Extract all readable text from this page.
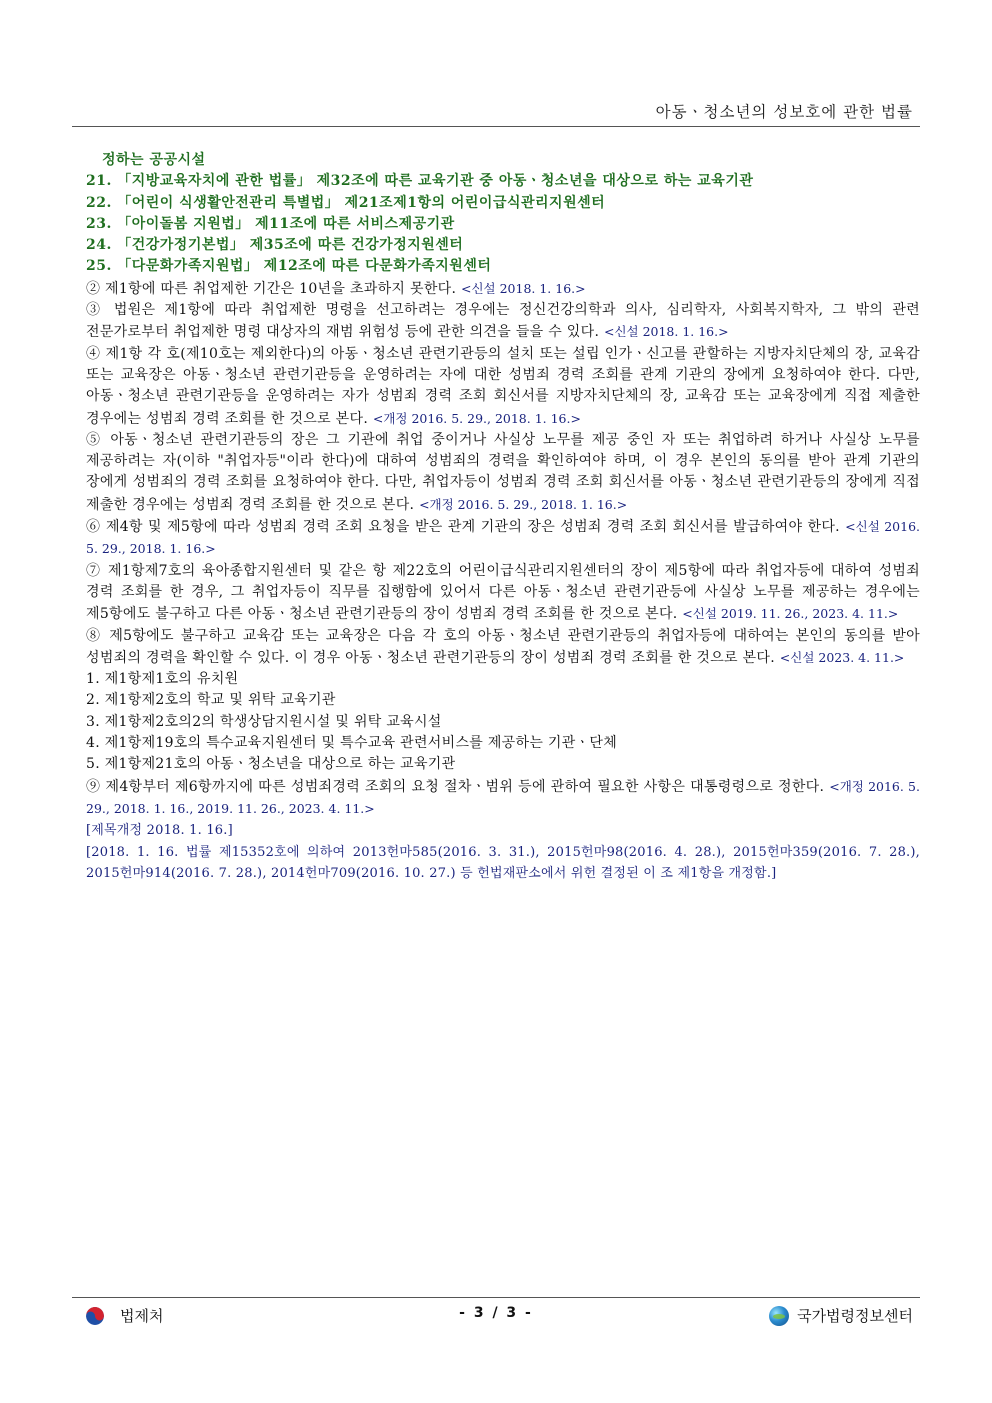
아동ㆍ청소년의 성보호에 관한 법률
정하는 공공시설
21. 「지방교육자치에 관한 법률」 제32조에 따른 교육기관 중 아동ㆍ청소년을 대상으로 하는 교육기관
22. 「어린이 식생활안전관리 특별법」 제21조제1항의 어린이급식관리지원센터
23. 「아이돌봄 지원법」 제11조에 따른 서비스제공기관
24. 「건강가정기본법」 제35조에 따른 건강가정지원센터
25. 「다문화가족지원법」 제12조에 따른 다문화가족지원센터
② 제1항에 따른 취업제한 기간은 10년을 초과하지 못한다. <신설 2018. 1. 16.>
③ 법원은 제1항에 따라 취업제한 명령을 선고하려는 경우에는 정신건강의학과 의사, 심리학자, 사회복지학자, 그 밖의 관련 전문가로부터 취업제한 명령 대상자의 재범 위험성 등에 관한 의견을 들을 수 있다. <신설 2018. 1. 16.>
④ 제1항 각 호(제10호는 제외한다)의 아동ㆍ청소년 관련기관등의 설치 또는 설립 인가ㆍ신고를 관할하는 지방자치단체의 장, 교육감 또는 교육장은 아동ㆍ청소년 관련기관등을 운영하려는 자에 대한 성범죄 경력 조회를 관계 기관의 장에게 요청하여야 한다. 다만, 아동ㆍ청소년 관련기관등을 운영하려는 자가 성범죄 경력 조회 회신서를 지방자치단체의 장, 교육감 또는 교육장에게 직접 제출한 경우에는 성범죄 경력 조회를 한 것으로 본다. <개정 2016. 5. 29., 2018. 1. 16.>
⑤ 아동ㆍ청소년 관련기관등의 장은 그 기관에 취업 중이거나 사실상 노무를 제공 중인 자 또는 취업하려 하거나 사실상 노무를 제공하려는 자(이하 "취업자등"이라 한다)에 대하여 성범죄의 경력을 확인하여야 하며, 이 경우 본인의 동의를 받아 관계 기관의 장에게 성범죄의 경력 조회를 요청하여야 한다. 다만, 취업자등이 성범죄 경력 조회 회신서를 아동ㆍ청소년 관련기관등의 장에게 직접 제출한 경우에는 성범죄 경력 조회를 한 것으로 본다. <개정 2016. 5. 29., 2018. 1. 16.>
⑥ 제4항 및 제5항에 따라 성범죄 경력 조회 요청을 받은 관계 기관의 장은 성범죄 경력 조회 회신서를 발급하여야 한다. <신설 2016. 5. 29., 2018. 1. 16.>
⑦ 제1항제7호의 육아종합지원센터 및 같은 항 제22호의 어린이급식관리지원센터의 장이 제5항에 따라 취업자등에 대하여 성범죄 경력 조회를 한 경우, 그 취업자등이 직무를 집행함에 있어서 다른 아동ㆍ청소년 관련기관등에 사실상 노무를 제공하는 경우에는 제5항에도 불구하고 다른 아동ㆍ청소년 관련기관등의 장이 성범죄 경력 조회를 한 것으로 본다. <신설 2019. 11. 26., 2023. 4. 11.>
⑧ 제5항에도 불구하고 교육감 또는 교육장은 다음 각 호의 아동ㆍ청소년 관련기관등의 취업자등에 대하여는 본인의 동의를 받아 성범죄의 경력을 확인할 수 있다. 이 경우 아동ㆍ청소년 관련기관등의 장이 성범죄 경력 조회를 한 것으로 본다. <신설 2023. 4. 11.>
1. 제1항제1호의 유치원
2. 제1항제2호의 학교 및 위탁 교육기관
3. 제1항제2호의2의 학생상담지원시설 및 위탁 교육시설
4. 제1항제19호의 특수교육지원센터 및 특수교육 관련서비스를 제공하는 기관ㆍ단체
5. 제1항제21호의 아동ㆍ청소년을 대상으로 하는 교육기관
⑨ 제4항부터 제6항까지에 따른 성범죄경력 조회의 요청 절차ㆍ범위 등에 관하여 필요한 사항은 대통령령으로 정한다. <개정 2016. 5. 29., 2018. 1. 16., 2019. 11. 26., 2023. 4. 11.>
[제목개정 2018. 1. 16.]
[2018. 1. 16. 법률 제15352호에 의하여 2013헌마585(2016. 3. 31.), 2015헌마98(2016. 4. 28.), 2015헌마359(2016. 7. 28.), 2015헌마914(2016. 7. 28.), 2014헌마709(2016. 10. 27.) 등 헌법재판소에서 위헌 결정된 이 조 제1항을 개정함.]
법제처	- 3 / 3 -	국가법령정보센터
